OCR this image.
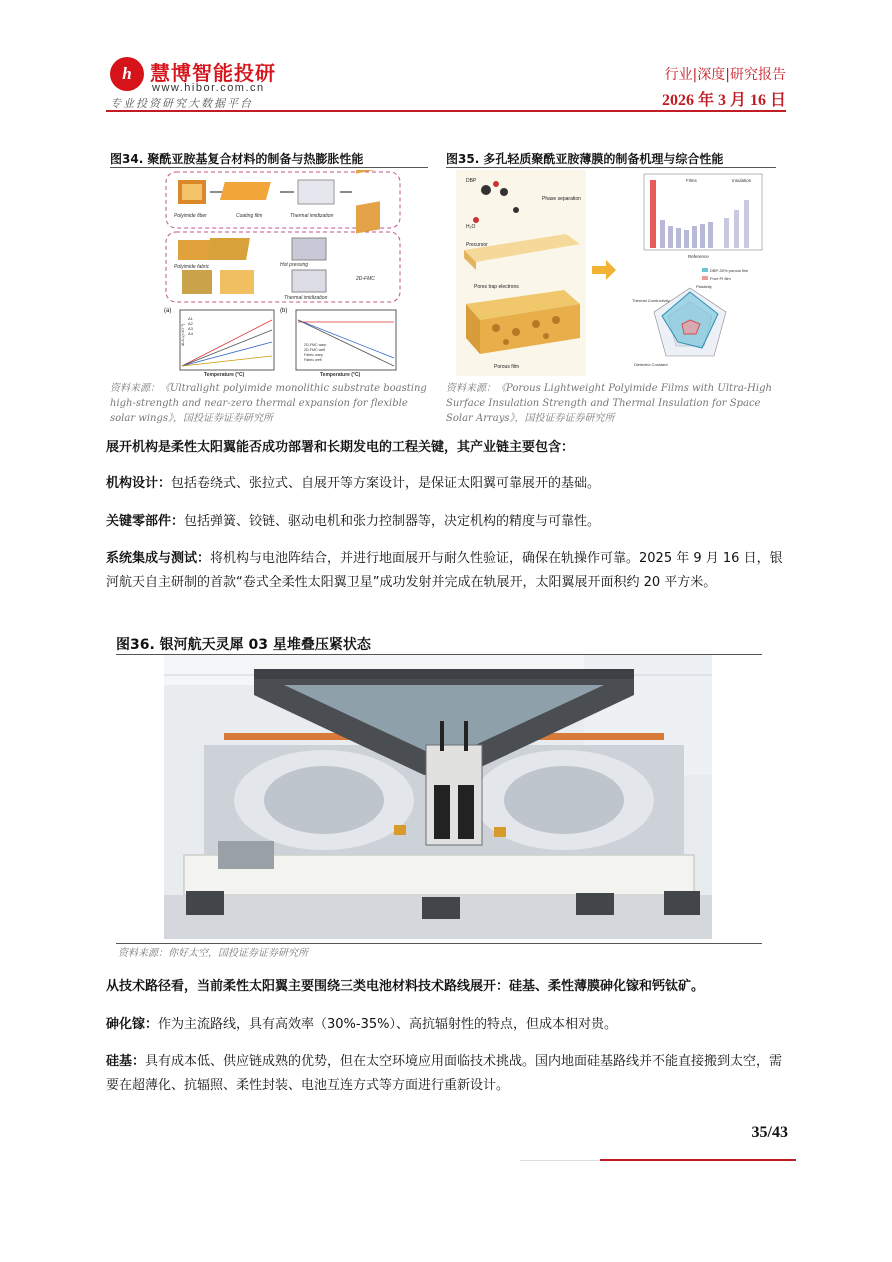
h 慧博智能投研
www.hibor.com.cn
专业投资研究大数据平台
行业|深度|研究报告
2026 年 3 月 16 日
图34. 聚酰亚胺基复合材料的制备与热膨胀性能
Polyimide fiber	Coating film	Thermal imidization
Polyimide fabric	Hot pressing
2D-FMC
Thermal imidization
(a)
A1
A2
A3
A4
dL/L₀(×10⁻³)
Temperature (°C)
(b)
2D-FMC warp
2D-FMC weft
Fabric warp
Fabric weft
Temperature (°C)
资料来源：《Ultralight polyimide monolithic substrate boasting high-strength and near-zero thermal expansion for flexible solar wings》，国投证券证券研究所
图35. 多孔轻质聚酰亚胺薄膜的制备机理与综合性能
DBP
Phase separation
H₂O
Precursor
Pores trap electrons
Porous film
Films	Insulation
Reference
DBP-30% porous film
Pure PI film
Thermal Conductivity
Plasticity
Dielectric Constant
资料来源：《Porous Lightweight Polyimide Films with Ultra-High Surface Insulation Strength and Thermal Insulation for Space Solar Arrays》，国投证券证券研究所
展开机构是柔性太阳翼能否成功部署和长期发电的工程关键，其产业链主要包含：
机构设计：包括卷绕式、张拉式、自展开等方案设计，是保证太阳翼可靠展开的基础。
关键零部件：包括弹簧、铰链、驱动电机和张力控制器等，决定机构的精度与可靠性。
系统集成与测试：将机构与电池阵结合，并进行地面展开与耐久性验证，确保在轨操作可靠。2025 年 9 月 16 日，银河航天自主研制的首款“卷式全柔性太阳翼卫星”成功发射并完成在轨展开，太阳翼展开面积约 20 平方米。
图36. 银河航天灵犀 03 星堆叠压紧状态
资料来源：你好太空，国投证券证券研究所
从技术路径看，当前柔性太阳翼主要围绕三类电池材料技术路线展开：硅基、柔性薄膜砷化镓和钙钛矿。
砷化镓：作为主流路线，具有高效率（30%-35%）、高抗辐射性的特点，但成本相对贵。
硅基：具有成本低、供应链成熟的优势，但在太空环境应用面临技术挑战。国内地面硅基路线并不能直接搬到太空，需要在超薄化、抗辐照、柔性封装、电池互连方式等方面进行重新设计。
35/43
